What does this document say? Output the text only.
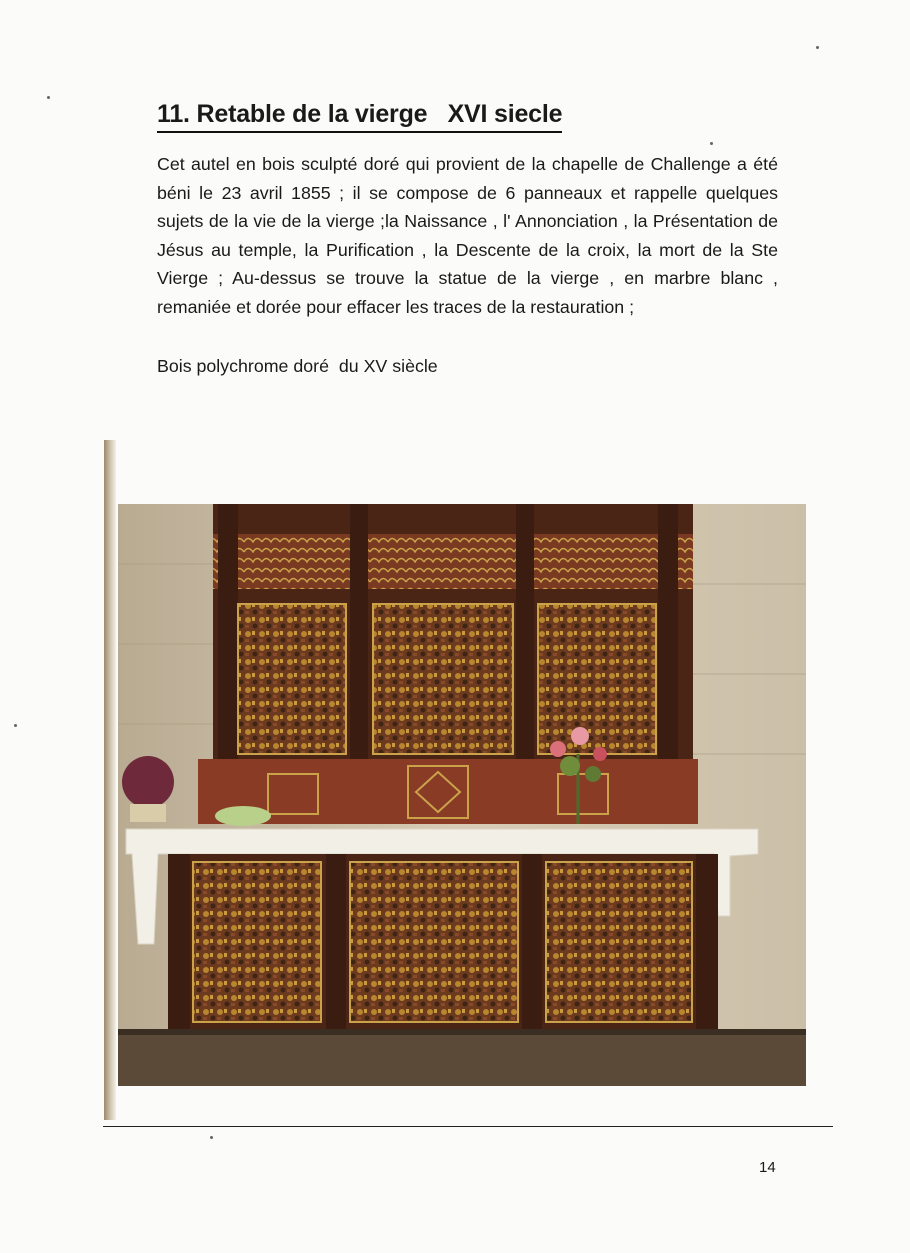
11. Retable de la vierge   XVI siecle

Cet autel en bois sculpté doré qui provient de la chapelle de Challenge a été béni le 23 avril 1855 ; il se compose de 6 panneaux et rappelle quelques sujets de la vie de la vierge ;la Naissance , l' Annonciation , la Présentation de Jésus au temple, la Purification , la Descente de la croix, la mort de la Ste Vierge ; Au-dessus se trouve la statue de la vierge , en marbre blanc , remaniée et dorée pour effacer les traces de la restauration ;

Bois polychrome doré  du XV siècle

14
